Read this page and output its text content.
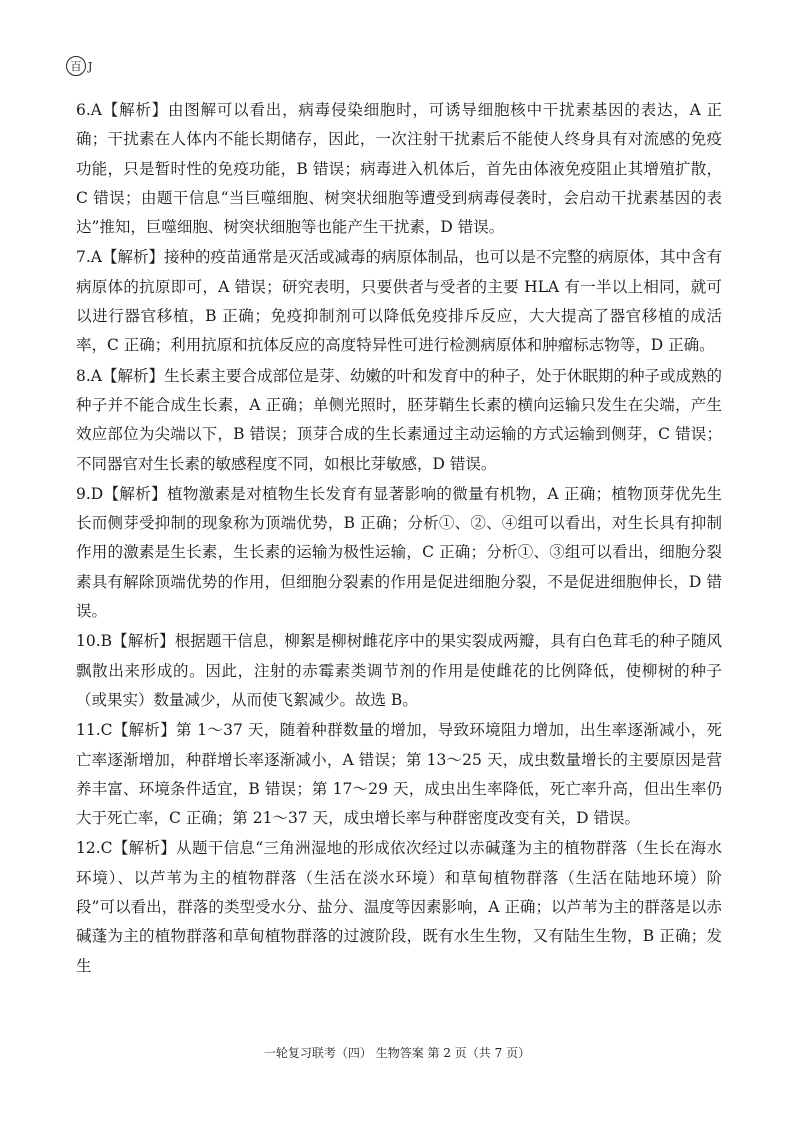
百 J

6.A【解析】由图解可以看出，病毒侵染细胞时，可诱导细胞核中干扰素基因的表达，A 正确；干扰素在人体内不能长期储存，因此，一次注射干扰素后不能使人终身具有对流感的免疫功能，只是暂时性的免疫功能，B 错误；病毒进入机体后，首先由体液免疫阻止其增殖扩散，C 错误；由题干信息“当巨噬细胞、树突状细胞等遭受到病毒侵袭时，会启动干扰素基因的表达”推知，巨噬细胞、树突状细胞等也能产生干扰素，D 错误。

7.A【解析】接种的疫苗通常是灭活或减毒的病原体制品，也可以是不完整的病原体，其中含有病原体的抗原即可，A 错误；研究表明，只要供者与受者的主要 HLA 有一半以上相同，就可以进行器官移植，B 正确；免疫抑制剂可以降低免疫排斥反应，大大提高了器官移植的成活率，C 正确；利用抗原和抗体反应的高度特异性可进行检测病原体和肿瘤标志物等，D 正确。

8.A【解析】生长素主要合成部位是芽、幼嫩的叶和发育中的种子，处于休眠期的种子或成熟的种子并不能合成生长素，A 正确；单侧光照时，胚芽鞘生长素的横向运输只发生在尖端，产生效应部位为尖端以下，B 错误；顶芽合成的生长素通过主动运输的方式运输到侧芽，C 错误；不同器官对生长素的敏感程度不同，如根比芽敏感，D 错误。

9.D【解析】植物激素是对植物生长发育有显著影响的微量有机物，A 正确；植物顶芽优先生长而侧芽受抑制的现象称为顶端优势，B 正确；分析①、②、④组可以看出，对生长具有抑制作用的激素是生长素，生长素的运输为极性运输，C 正确；分析①、③组可以看出，细胞分裂素具有解除顶端优势的作用，但细胞分裂素的作用是促进细胞分裂，不是促进细胞伸长，D 错误。

10.B【解析】根据题干信息，柳絮是柳树雌花序中的果实裂成两瓣，具有白色茸毛的种子随风飘散出来形成的。因此，注射的赤霉素类调节剂的作用是使雌花的比例降低，使柳树的种子（或果实）数量减少，从而使飞絮减少。故选 B。

11.C【解析】第 1～37 天，随着种群数量的增加，导致环境阻力增加，出生率逐渐减小，死亡率逐渐增加，种群增长率逐渐减小，A 错误；第 13～25 天，成虫数量增长的主要原因是营养丰富、环境条件适宜，B 错误；第 17～29 天，成虫出生率降低，死亡率升高，但出生率仍大于死亡率，C 正确；第 21～37 天，成虫增长率与种群密度改变有关，D 错误。

12.C【解析】从题干信息“三角洲湿地的形成依次经过以赤碱蓬为主的植物群落（生长在海水环境）、以芦苇为主的植物群落（生活在淡水环境）和草甸植物群落（生活在陆地环境）阶段”可以看出，群落的类型受水分、盐分、温度等因素影响，A 正确；以芦苇为主的群落是以赤碱蓬为主的植物群落和草甸植物群落的过渡阶段，既有水生生物，又有陆生生物，B 正确；发生

一轮复习联考（四） 生物答案 第 2 页（共 7 页）
